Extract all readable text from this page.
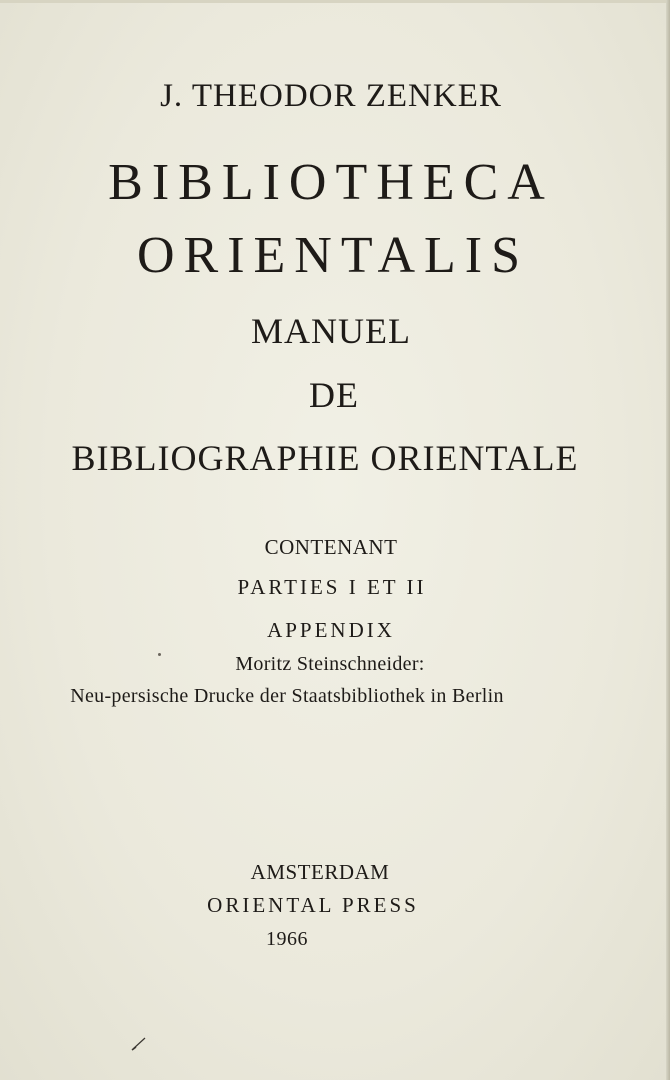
J. THEODOR ZENKER
BIBLIOTHECA
ORIENTALIS
MANUEL
DE
BIBLIOGRAPHIE ORIENTALE
CONTENANT
PARTIES I ET II
APPENDIX
Moritz Steinschneider:
Neu-persische Drucke der Staatsbibliothek in Berlin
AMSTERDAM
ORIENTAL PRESS
1966
